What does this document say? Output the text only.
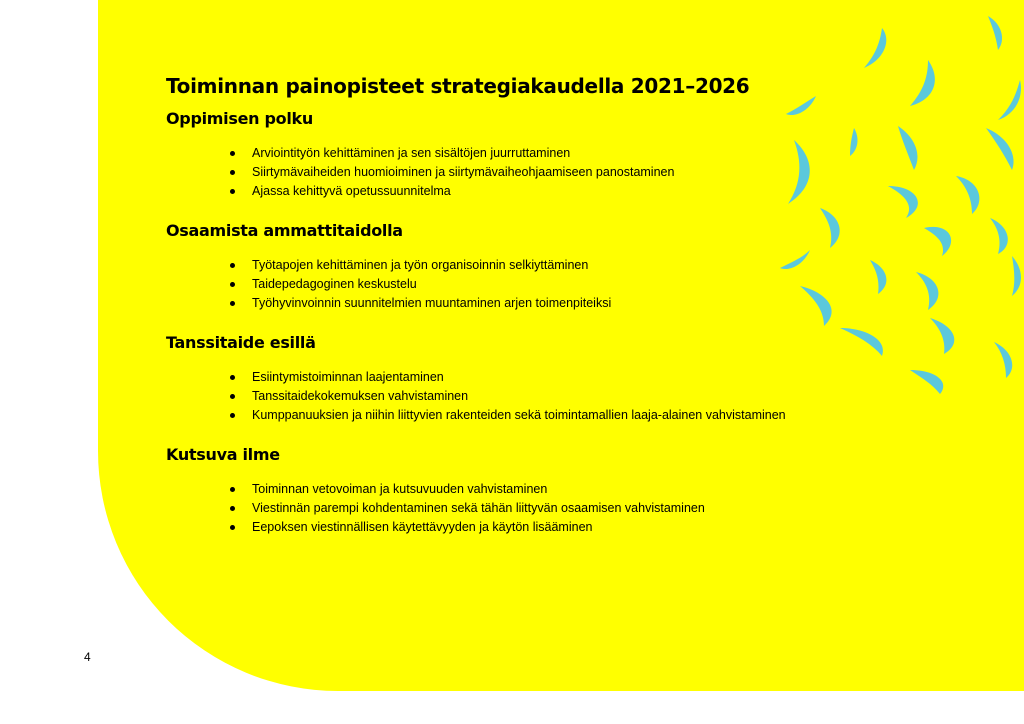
Toiminnan painopisteet strategiakaudella 2021–2026
Oppimisen polku
Arviointityön kehittäminen ja sen sisältöjen juurruttaminen
Siirtymävaiheiden huomioiminen ja siirtymävaiheohjaamiseen panostaminen
Ajassa kehittyvä opetussuunnitelma
Osaamista ammattitaidolla
Työtapojen kehittäminen ja työn organisoinnin selkiyttäminen
Taidepedagoginen keskustelu
Työhyvinvoinnin suunnitelmien muuntaminen arjen toimenpiteiksi
Tanssitaide esillä
Esiintymistoiminnan laajentaminen
Tanssitaidekokemuksen vahvistaminen
Kumppanuuksien ja niihin liittyvien rakenteiden sekä toimintamallien laaja-alainen vahvistaminen
Kutsuva ilme
Toiminnan vetovoiman ja kutsuvuuden vahvistaminen
Viestinnän parempi kohdentaminen sekä tähän liittyvän osaamisen vahvistaminen
Eepoksen viestinnällisen käytettävyyden ja käytön lisääminen
4
